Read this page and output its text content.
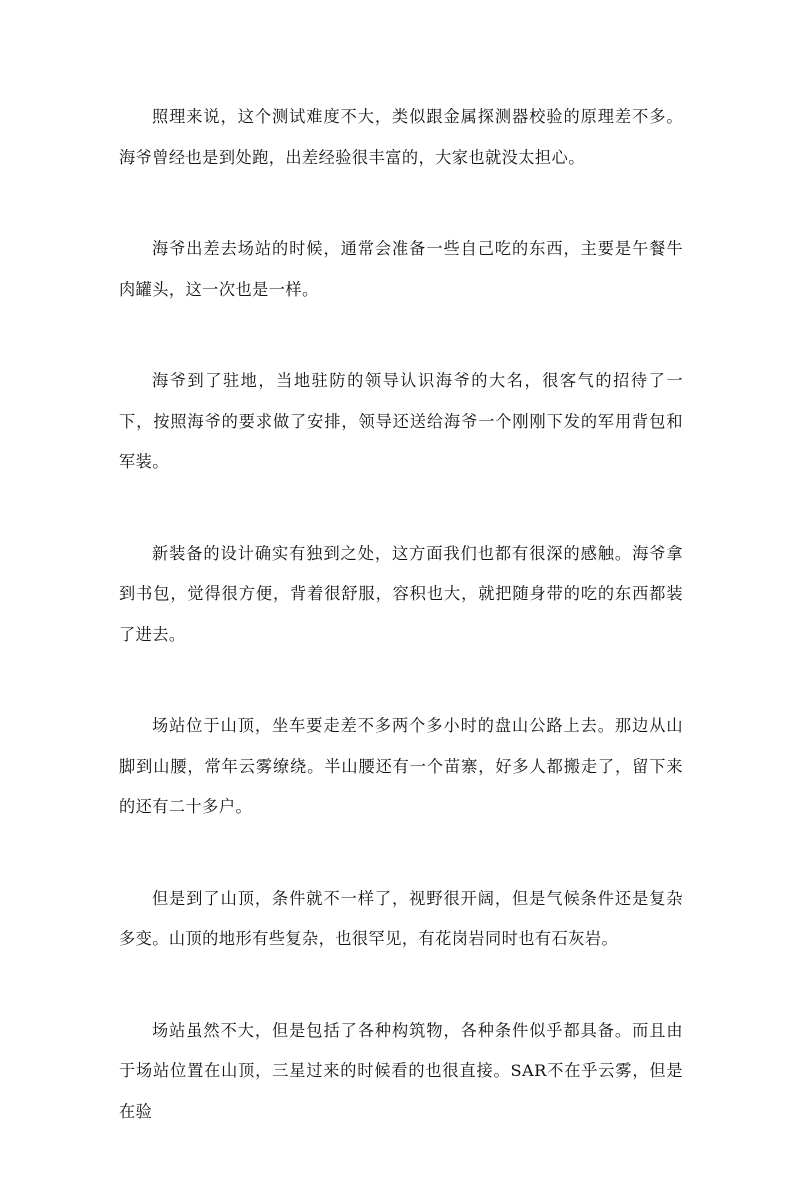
照理来说，这个测试难度不大，类似跟金属探测器校验的原理差不多。海爷曾经也是到处跑，出差经验很丰富的，大家也就没太担心。

海爷出差去场站的时候，通常会准备一些自己吃的东西，主要是午餐牛肉罐头，这一次也是一样。

海爷到了驻地，当地驻防的领导认识海爷的大名，很客气的招待了一下，按照海爷的要求做了安排，领导还送给海爷一个刚刚下发的军用背包和军装。

新装备的设计确实有独到之处，这方面我们也都有很深的感触。海爷拿到书包，觉得很方便，背着很舒服，容积也大，就把随身带的吃的东西都装了进去。

场站位于山顶，坐车要走差不多两个多小时的盘山公路上去。那边从山脚到山腰，常年云雾缭绕。半山腰还有一个苗寨，好多人都搬走了，留下来的还有二十多户。

但是到了山顶，条件就不一样了，视野很开阔，但是气候条件还是复杂多变。山顶的地形有些复杂，也很罕见，有花岗岩同时也有石灰岩。

场站虽然不大，但是包括了各种构筑物，各种条件似乎都具备。而且由于场站位置在山顶，三星过来的时候看的也很直接。SAR不在乎云雾，但是在验
